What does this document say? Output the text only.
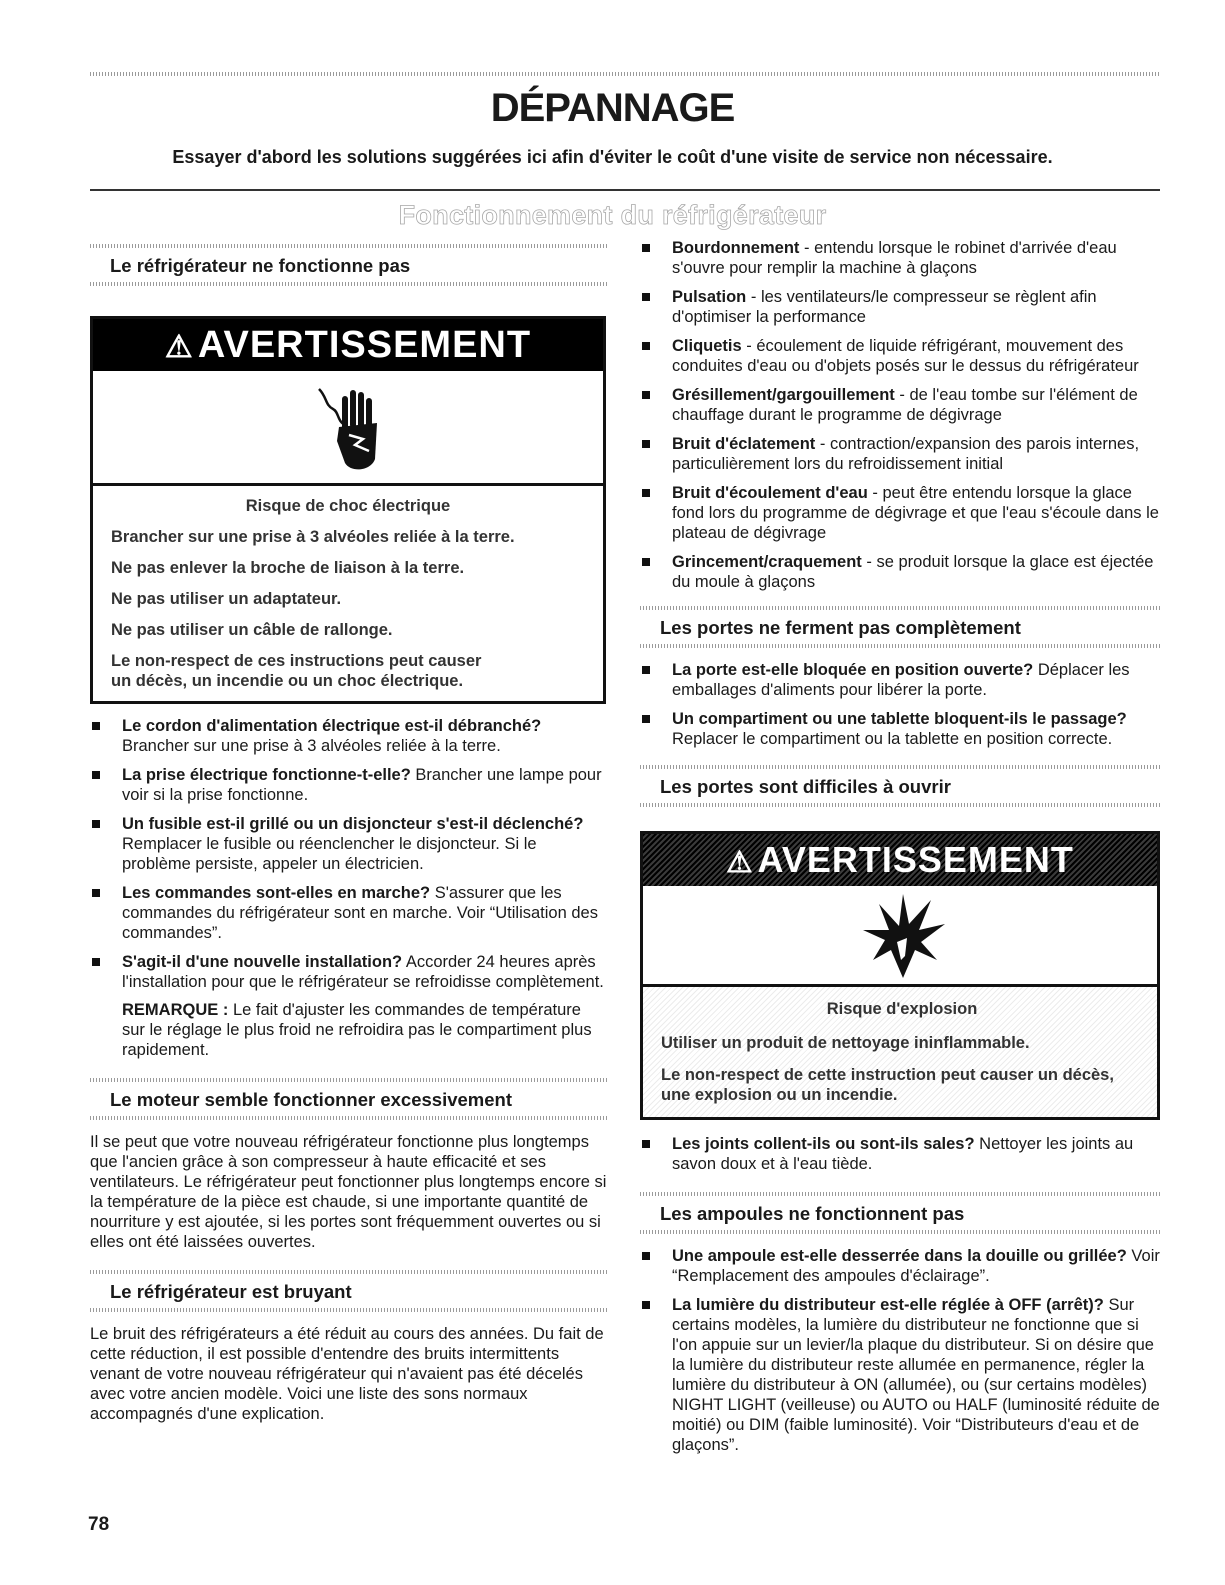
DÉPANNAGE

Essayer d'abord les solutions suggérées ici afin d'éviter le coût d'une visite de service non nécessaire.

Fonctionnement du réfrigérateur
Le réfrigérateur ne fonctionne pas
⚠ AVERTISSEMENT

Risque de choc électrique

Brancher sur une prise à 3 alvéoles reliée à la terre.

Ne pas enlever la broche de liaison à la terre.

Ne pas utiliser un adaptateur.

Ne pas utiliser un câble de rallonge.

Le non-respect de ces instructions peut causer

un décès, un incendie ou un choc électrique.

Le cordon d'alimentation électrique est-il débranché? Brancher sur une prise à 3 alvéoles reliée à la terre.
La prise électrique fonctionne-t-elle? Brancher une lampe pour voir si la prise fonctionne.
Un fusible est-il grillé ou un disjoncteur s'est-il déclenché? Remplacer le fusible ou réenclencher le disjoncteur. Si le problème persiste, appeler un électricien.
Les commandes sont-elles en marche? S'assurer que les commandes du réfrigérateur sont en marche. Voir “Utilisation des commandes”.
S'agit-il d'une nouvelle installation? Accorder 24 heures après l'installation pour que le réfrigérateur se refroidisse complètement.

REMARQUE : Le fait d'ajuster les commandes de température sur le réglage le plus froid ne refroidira pas le compartiment plus rapidement.

Le moteur semble fonctionner excessivement

Il se peut que votre nouveau réfrigérateur fonctionne plus longtemps que l'ancien grâce à son compresseur à haute efficacité et ses ventilateurs. Le réfrigérateur peut fonctionner plus longtemps encore si la température de la pièce est chaude, si une importante quantité de nourriture y est ajoutée, si les portes sont fréquemment ouvertes ou si elles ont été laissées ouvertes.

Le réfrigérateur est bruyant

Le bruit des réfrigérateurs a été réduit au cours des années. Du fait de cette réduction, il est possible d'entendre des bruits intermittents venant de votre nouveau réfrigérateur qui n'avaient pas été décelés avec votre ancien modèle. Voici une liste des sons normaux accompagnés d'une explication.

Bourdonnement - entendu lorsque le robinet d'arrivée d'eau s'ouvre pour remplir la machine à glaçons
Pulsation - les ventilateurs/le compresseur se règlent afin d'optimiser la performance
Cliquetis - écoulement de liquide réfrigérant, mouvement des conduites d'eau ou d'objets posés sur le dessus du réfrigérateur
Grésillement/gargouillement - de l'eau tombe sur l'élément de chauffage durant le programme de dégivrage
Bruit d'éclatement - contraction/expansion des parois internes, particulièrement lors du refroidissement initial
Bruit d'écoulement d'eau - peut être entendu lorsque la glace fond lors du programme de dégivrage et que l'eau s'écoule dans le plateau de dégivrage
Grincement/craquement - se produit lorsque la glace est éjectée du moule à glaçons
Les portes ne ferment pas complètement
La porte est-elle bloquée en position ouverte? Déplacer les emballages d'aliments pour libérer la porte.
Un compartiment ou une tablette bloquent-ils le passage? Replacer le compartiment ou la tablette en position correcte.
Les portes sont difficiles à ouvrir
⚠ AVERTISSEMENT

Risque d'explosion

Utiliser un produit de nettoyage ininflammable.

Le non-respect de cette instruction peut causer un décès, une explosion ou un incendie.

Les joints collent-ils ou sont-ils sales? Nettoyer les joints au savon doux et à l'eau tiède.
Les ampoules ne fonctionnent pas
Une ampoule est-elle desserrée dans la douille ou grillée? Voir “Remplacement des ampoules d'éclairage”.
La lumière du distributeur est-elle réglée à OFF (arrêt)? Sur certains modèles, la lumière du distributeur ne fonctionne que si l'on appuie sur un levier/la plaque du distributeur. Si on désire que la lumière du distributeur reste allumée en permanence, régler la lumière du distributeur à ON (allumée), ou (sur certains modèles) NIGHT LIGHT (veilleuse) ou AUTO ou HALF (luminosité réduite de moitié) ou DIM (faible luminosité). Voir “Distributeurs d'eau et de glaçons”.

78
